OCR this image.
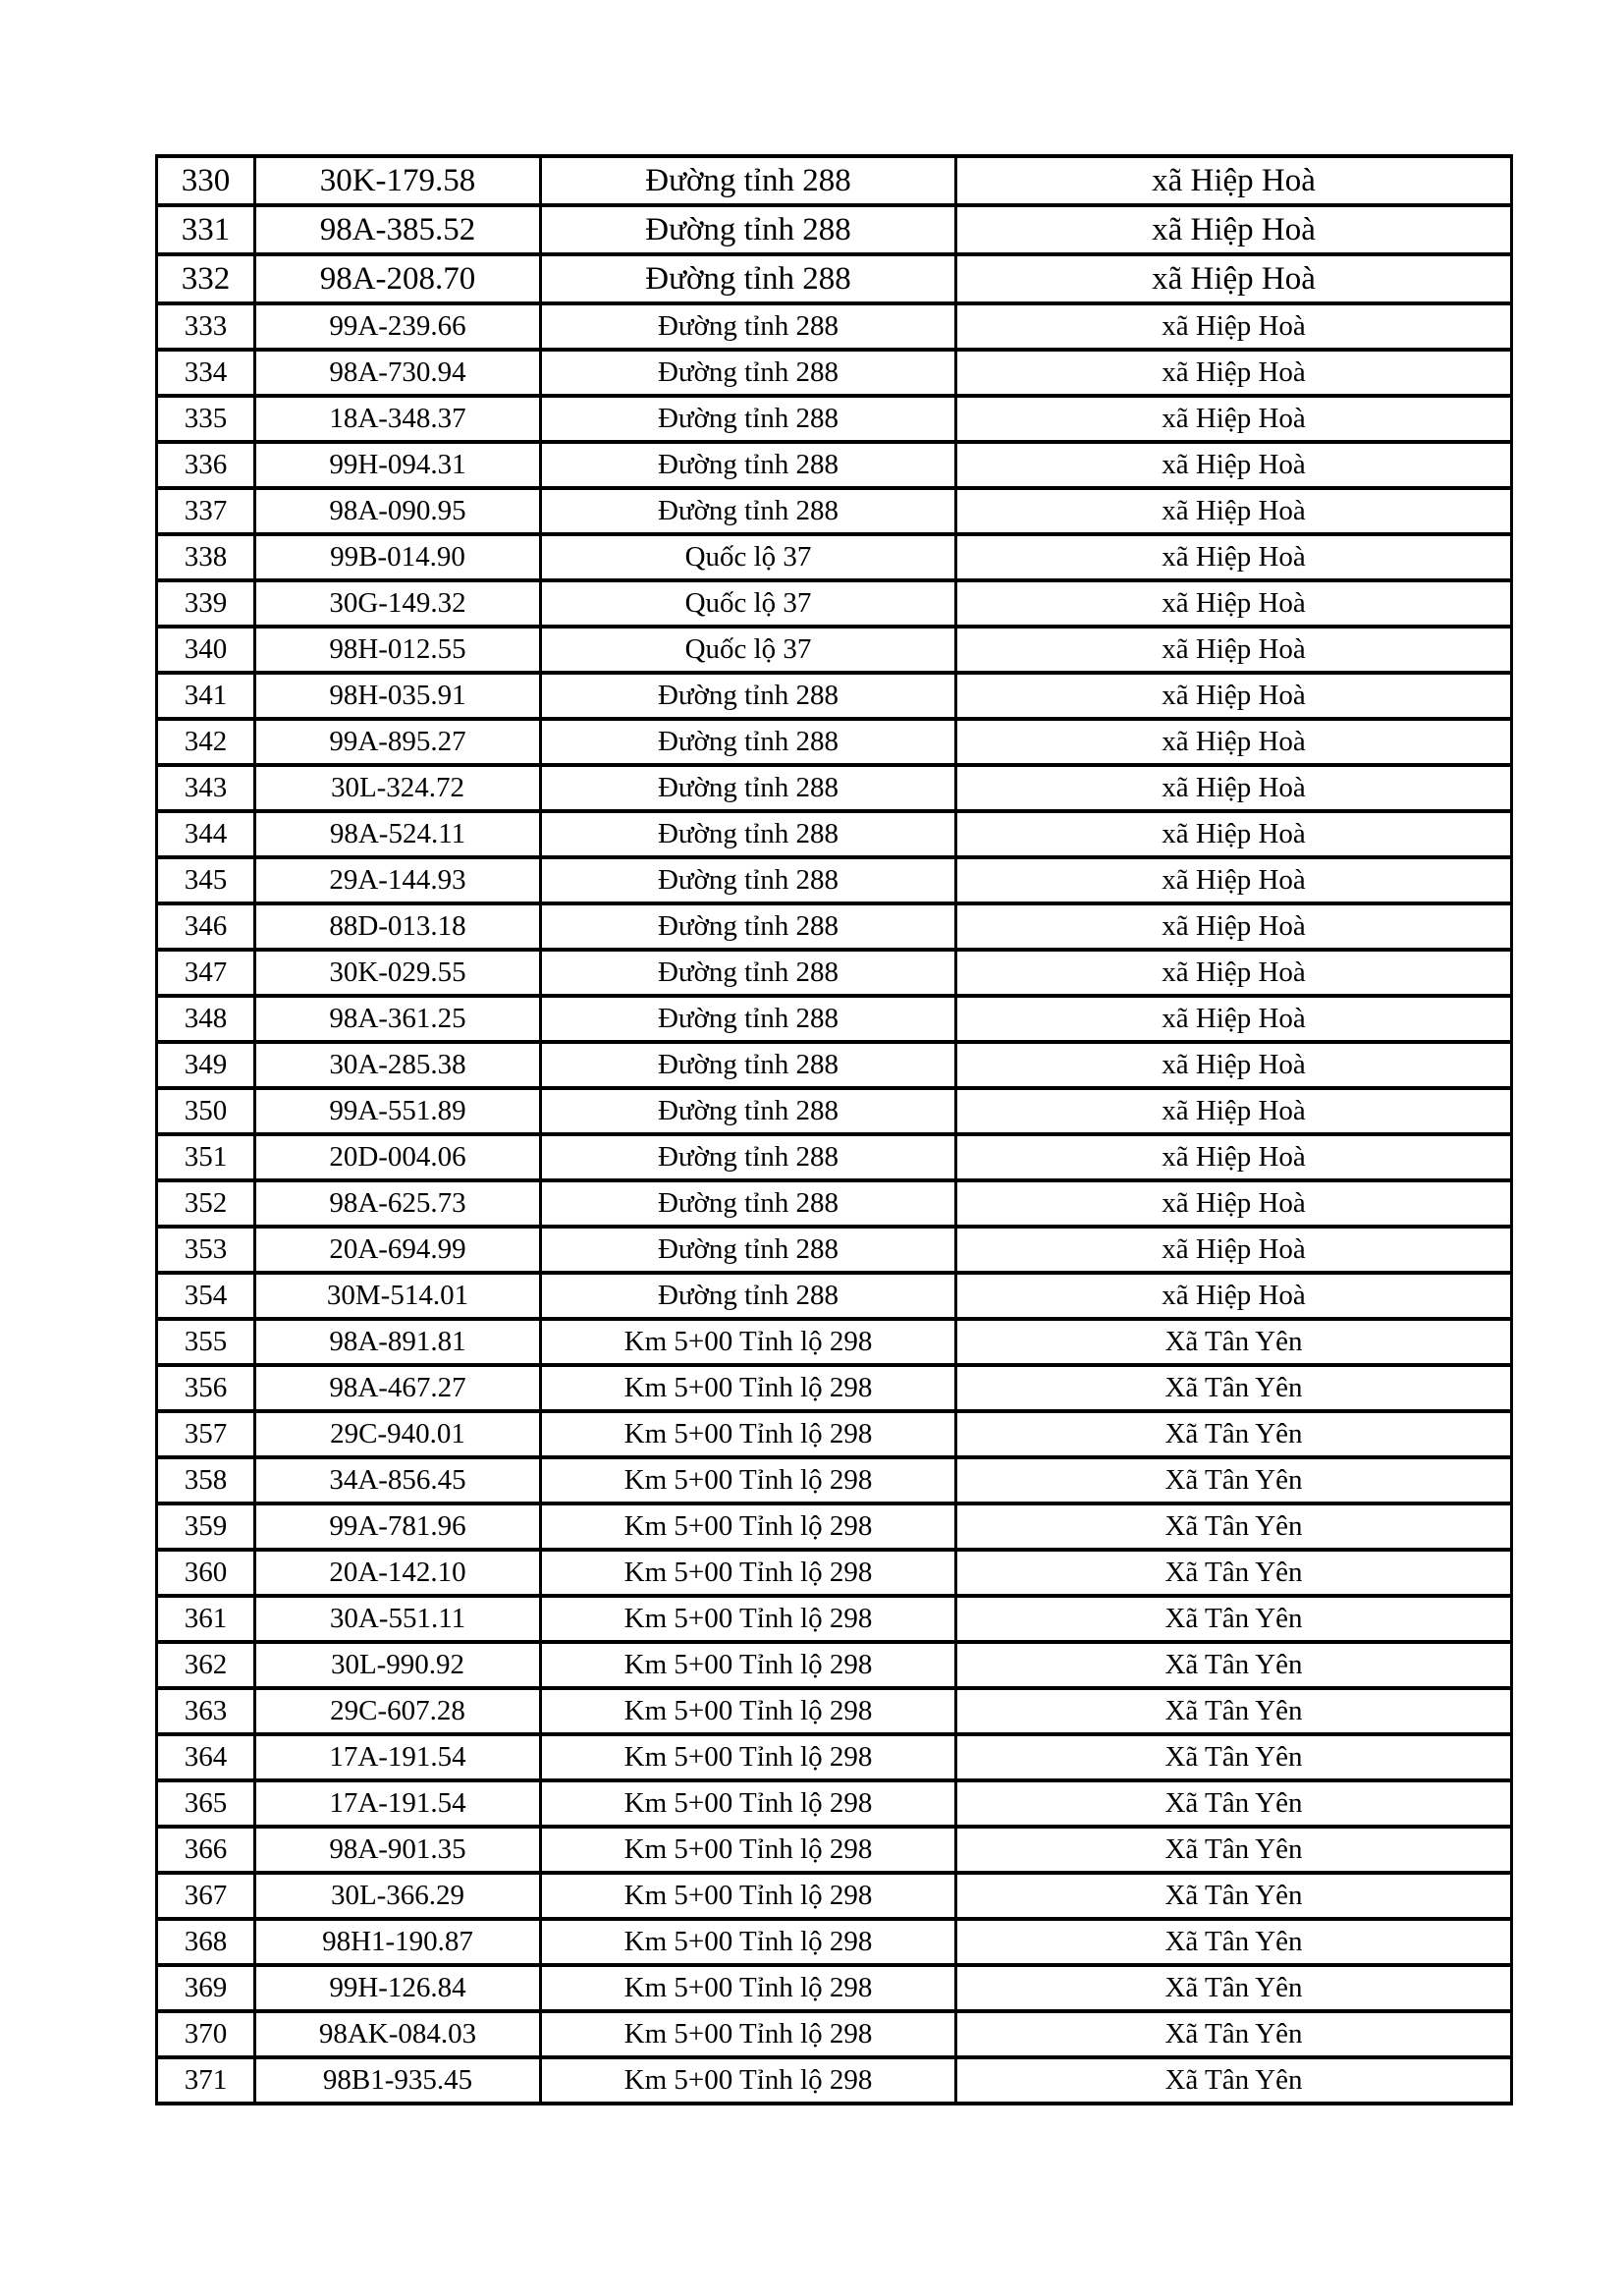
330	30K-179.58	Đường tỉnh 288	xã Hiệp Hoà
331	98A-385.52	Đường tỉnh 288	xã Hiệp Hoà
332	98A-208.70	Đường tỉnh 288	xã Hiệp Hoà
333	99A-239.66	Đường tỉnh 288	xã Hiệp Hoà
334	98A-730.94	Đường tỉnh 288	xã Hiệp Hoà
335	18A-348.37	Đường tỉnh 288	xã Hiệp Hoà
336	99H-094.31	Đường tỉnh 288	xã Hiệp Hoà
337	98A-090.95	Đường tỉnh 288	xã Hiệp Hoà
338	99B-014.90	Quốc lộ 37	xã Hiệp Hoà
339	30G-149.32	Quốc lộ 37	xã Hiệp Hoà
340	98H-012.55	Quốc lộ 37	xã Hiệp Hoà
341	98H-035.91	Đường tỉnh 288	xã Hiệp Hoà
342	99A-895.27	Đường tỉnh 288	xã Hiệp Hoà
343	30L-324.72	Đường tỉnh 288	xã Hiệp Hoà
344	98A-524.11	Đường tỉnh 288	xã Hiệp Hoà
345	29A-144.93	Đường tỉnh 288	xã Hiệp Hoà
346	88D-013.18	Đường tỉnh 288	xã Hiệp Hoà
347	30K-029.55	Đường tỉnh 288	xã Hiệp Hoà
348	98A-361.25	Đường tỉnh 288	xã Hiệp Hoà
349	30A-285.38	Đường tỉnh 288	xã Hiệp Hoà
350	99A-551.89	Đường tỉnh 288	xã Hiệp Hoà
351	20D-004.06	Đường tỉnh 288	xã Hiệp Hoà
352	98A-625.73	Đường tỉnh 288	xã Hiệp Hoà
353	20A-694.99	Đường tỉnh 288	xã Hiệp Hoà
354	30M-514.01	Đường tỉnh 288	xã Hiệp Hoà
355	98A-891.81	Km 5+00 Tỉnh lộ 298	Xã Tân Yên
356	98A-467.27	Km 5+00 Tỉnh lộ 298	Xã Tân Yên
357	29C-940.01	Km 5+00 Tỉnh lộ 298	Xã Tân Yên
358	34A-856.45	Km 5+00 Tỉnh lộ 298	Xã Tân Yên
359	99A-781.96	Km 5+00 Tỉnh lộ 298	Xã Tân Yên
360	20A-142.10	Km 5+00 Tỉnh lộ 298	Xã Tân Yên
361	30A-551.11	Km 5+00 Tỉnh lộ 298	Xã Tân Yên
362	30L-990.92	Km 5+00 Tỉnh lộ 298	Xã Tân Yên
363	29C-607.28	Km 5+00 Tỉnh lộ 298	Xã Tân Yên
364	17A-191.54	Km 5+00 Tỉnh lộ 298	Xã Tân Yên
365	17A-191.54	Km 5+00 Tỉnh lộ 298	Xã Tân Yên
366	98A-901.35	Km 5+00 Tỉnh lộ 298	Xã Tân Yên
367	30L-366.29	Km 5+00 Tỉnh lộ 298	Xã Tân Yên
368	98H1-190.87	Km 5+00 Tỉnh lộ 298	Xã Tân Yên
369	99H-126.84	Km 5+00 Tỉnh lộ 298	Xã Tân Yên
370	98AK-084.03	Km 5+00 Tỉnh lộ 298	Xã Tân Yên
371	98B1-935.45	Km 5+00 Tỉnh lộ 298	Xã Tân Yên
